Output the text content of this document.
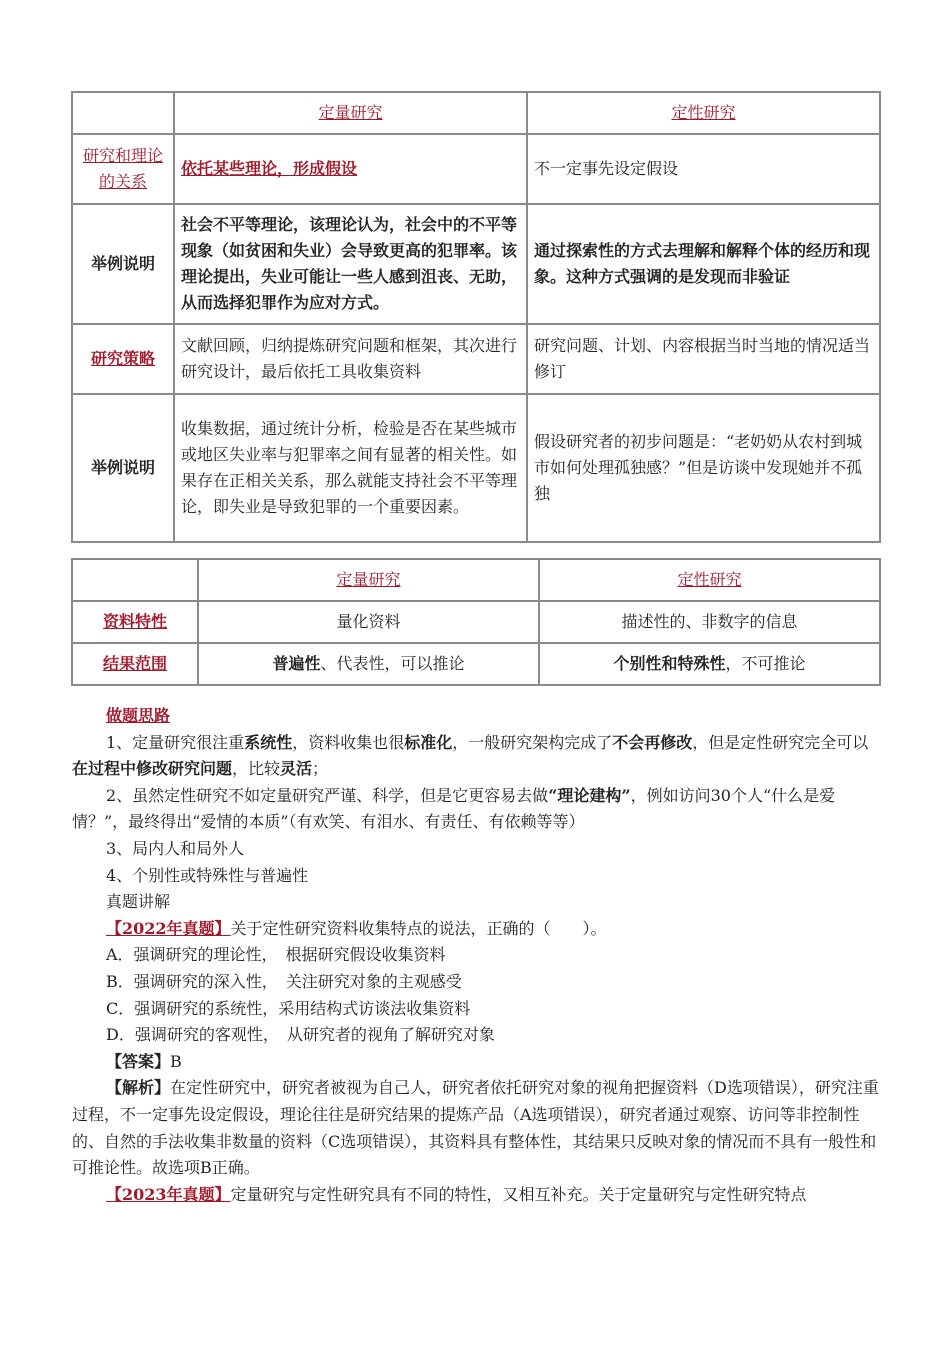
	定量研究	定性研究
研究和理论的关系	依托某些理论，形成假设	不一定事先设定假设
举例说明	社会不平等理论，该理论认为，社会中的不平等现象（如贫困和失业）会导致更高的犯罪率。该理论提出，失业可能让一些人感到沮丧、无助，从而选择犯罪作为应对方式。	通过探索性的方式去理解和解释个体的经历和现象。这种方式强调的是发现而非验证
研究策略	文献回顾，归纳提炼研究问题和框架，其次进行研究设计，最后依托工具收集资料	研究问题、计划、内容根据当时当地的情况适当修订
举例说明	收集数据，通过统计分析，检验是否在某些城市或地区失业率与犯罪率之间有显著的相关性。如果存在正相关关系，那么就能支持社会不平等理论，即失业是导致犯罪的一个重要因素。	假设研究者的初步问题是：“老奶奶从农村到城市如何处理孤独感？”但是访谈中发现她并不孤独
	定量研究	定性研究
资料特性	量化资料	描述性的、非数字的信息
结果范围	普遍性、代表性，可以推论	个别性和特殊性，不可推论

做题思路

1、定量研究很注重系统性，资料收集也很标准化，一般研究架构完成了不会再修改，但是定性研究完全可以在过程中修改研究问题，比较灵活；

2、虽然定性研究不如定量研究严谨、科学，但是它更容易去做“理论建构”，例如访问30个人“什么是爱情？”，最终得出“爱情的本质”（有欢笑、有泪水、有责任、有依赖等等）

3、局内人和局外人

4、个别性或特殊性与普遍性

真题讲解

【2022年真题】关于定性研究资料收集特点的说法，正确的（　　）。

A．强调研究的理论性，　根据研究假设收集资料

B．强调研究的深入性，　关注研究对象的主观感受

C．强调研究的系统性，采用结构式访谈法收集资料

D．强调研究的客观性，　从研究者的视角了解研究对象

【答案】B

【解析】在定性研究中，研究者被视为自己人，研究者依托研究对象的视角把握资料（D选项错误），研究注重过程，不一定事先设定假设，理论往往是研究结果的提炼产品（A选项错误），研究者通过观察、访问等非控制性的、自然的手法收集非数量的资料（C选项错误），其资料具有整体性，其结果只反映对象的情况而不具有一般性和可推论性。故选项B正确。

【2023年真题】定量研究与定性研究具有不同的特性，又相互补充。关于定量研究与定性研究特点
